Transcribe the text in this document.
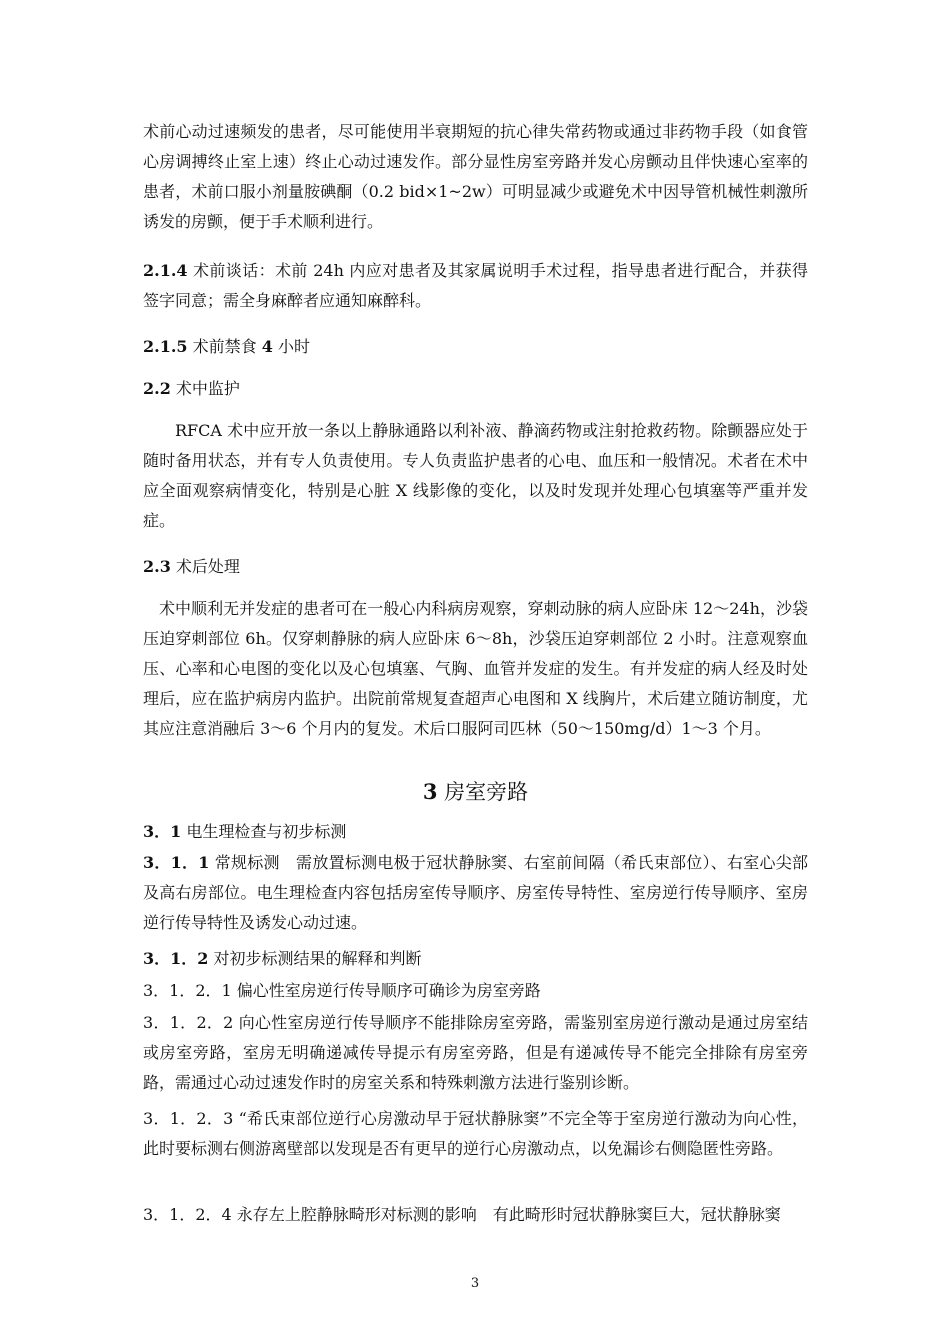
术前心动过速频发的患者，尽可能使用半衰期短的抗心律失常药物或通过非药物手段（如食管心房调搏终止室上速）终止心动过速发作。部分显性房室旁路并发心房颤动且伴快速心室率的患者，术前口服小剂量胺碘酮（0.2 bid×1~2w）可明显减少或避免术中因导管机械性刺激所诱发的房颤，便于手术顺利进行。

2.1.4 术前谈话：术前 24h 内应对患者及其家属说明手术过程，指导患者进行配合，并获得签字同意；需全身麻醉者应通知麻醉科。

2.1.5 术前禁食 4 小时

2.2 术中监护

RFCA 术中应开放一条以上静脉通路以利补液、静滴药物或注射抢救药物。除颤器应处于随时备用状态，并有专人负责使用。专人负责监护患者的心电、血压和一般情况。术者在术中应全面观察病情变化，特别是心脏 X 线影像的变化，以及时发现并处理心包填塞等严重并发症。

2.3 术后处理

术中顺利无并发症的患者可在一般心内科病房观察，穿刺动脉的病人应卧床 12～24h，沙袋压迫穿刺部位 6h。仅穿刺静脉的病人应卧床 6～8h，沙袋压迫穿刺部位 2 小时。注意观察血压、心率和心电图的变化以及心包填塞、气胸、血管并发症的发生。有并发症的病人经及时处理后，应在监护病房内监护。出院前常规复查超声心电图和 X 线胸片，术后建立随访制度，尤其应注意消融后 3～6 个月内的复发。术后口服阿司匹林（50～150mg/d）1～3 个月。

3 房室旁路

3．1 电生理检查与初步标测

3．1．1 常规标测　需放置标测电极于冠状静脉窦、右室前间隔（希氏束部位）、右室心尖部及高右房部位。电生理检查内容包括房室传导顺序、房室传导特性、室房逆行传导顺序、室房逆行传导特性及诱发心动过速。

3．1．2 对初步标测结果的解释和判断

3．1．2．1 偏心性室房逆行传导顺序可确诊为房室旁路

3．1．2．2 向心性室房逆行传导顺序不能排除房室旁路，需鉴别室房逆行激动是通过房室结或房室旁路，室房无明确递减传导提示有房室旁路，但是有递减传导不能完全排除有房室旁路，需通过心动过速发作时的房室关系和特殊刺激方法进行鉴别诊断。

3．1．2．3 “希氏束部位逆行心房激动早于冠状静脉窦”不完全等于室房逆行激动为向心性，此时要标测右侧游离壁部以发现是否有更早的逆行心房激动点，以免漏诊右侧隐匿性旁路。

3．1．2．4 永存左上腔静脉畸形对标测的影响　有此畸形时冠状静脉窦巨大，冠状静脉窦

3
